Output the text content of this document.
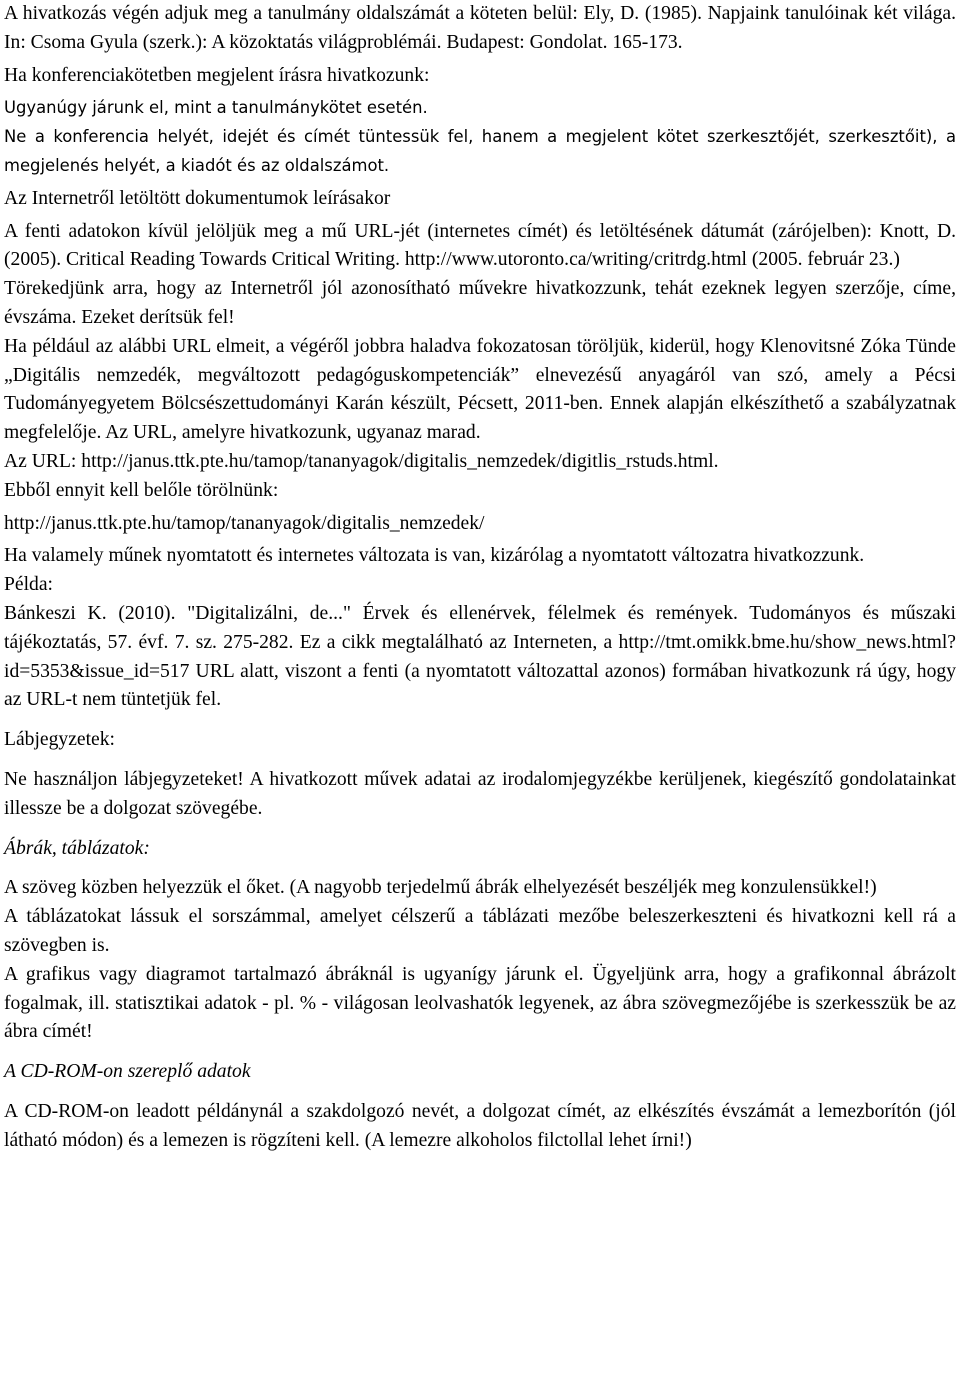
A hivatkozás végén adjuk meg a tanulmány oldalszámát a köteten belül: Ely, D. (1985). Napjaink tanulóinak két világa. In: Csoma Gyula (szerk.): A közoktatás világproblémái. Budapest: Gondolat. 165-173.

Ha konferenciakötetben megjelent írásra hivatkozunk:

Ugyanúgy járunk el, mint a tanulmánykötet esetén.

Ne a konferencia helyét, idejét és címét tüntessük fel, hanem a megjelent kötet szerkesztőjét, szerkesztőit), a megjelenés helyét, a kiadót és az oldalszámot.

Az Internetről letöltött dokumentumok leírásakor

A fenti adatokon kívül jelöljük meg a mű URL-jét (internetes címét) és letöltésének dátumát (zárójelben): Knott, D. (2005). Critical Reading Towards Critical Writing. http://www.utoronto.ca/writing/critrdg.html (2005. február 23.)

Törekedjünk arra, hogy az Internetről jól azonosítható művekre hivatkozzunk, tehát ezeknek legyen szerzője, címe, évszáma. Ezeket derítsük fel!

Ha például az alábbi URL elmeit, a végéről jobbra haladva fokozatosan töröljük, kiderül, hogy Klenovitsné Zóka Tünde „Digitális nemzedék, megváltozott pedagóguskompetenciák” elnevezésű anyagáról van szó, amely a Pécsi Tudományegyetem Bölcsészettudományi Karán készült, Pécsett, 2011-ben. Ennek alapján elkészíthető a szabályzatnak megfelelője. Az URL, amelyre hivatkozunk, ugyanaz marad.

Az URL: http://janus.ttk.pte.hu/tamop/tananyagok/digitalis_nemzedek/digitlis_rstuds.html.

Ebből ennyit kell belőle törölnünk:

http://janus.ttk.pte.hu/tamop/tananyagok/digitalis_nemzedek/

Ha valamely műnek nyomtatott és internetes változata is van, kizárólag a nyomtatott változatra hivatkozzunk.

Példa:

Bánkeszi K. (2010). "Digitalizálni, de..." Érvek és ellenérvek, félelmek és remények. Tudományos és műszaki tájékoztatás, 57. évf. 7. sz. 275-282. Ez a cikk megtalálható az Interneten, a http://tmt.omikk.bme.hu/show_news.html?id=5353&issue_id=517 URL alatt, viszont a fenti (a nyomtatott változattal azonos) formában hivatkozunk rá úgy, hogy az URL-t nem tüntetjük fel.

Lábjegyzetek:

Ne használjon lábjegyzeteket! A hivatkozott művek adatai az irodalomjegyzékbe kerüljenek, kiegészítő gondolatainkat illessze be a dolgozat szövegébe.

Ábrák, táblázatok:

A szöveg közben helyezzük el őket. (A nagyobb terjedelmű ábrák elhelyezését beszéljék meg konzulensükkel!)

A táblázatokat lássuk el sorszámmal, amelyet célszerű a táblázati mezőbe beleszerkeszteni és hivatkozni kell rá a szövegben is.

A grafikus vagy diagramot tartalmazó ábráknál is ugyanígy járunk el. Ügyeljünk arra, hogy a grafikonnal ábrázolt fogalmak, ill. statisztikai adatok - pl. % - világosan leolvashatók legyenek, az ábra szövegmezőjébe is szerkesszük be az ábra címét!

A CD-ROM-on szereplő adatok

A CD-ROM-on leadott példánynál a szakdolgozó nevét, a dolgozat címét, az elkészítés évszámát a lemezborítón (jól látható módon) és a lemezen is rögzíteni kell. (A lemezre alkoholos filctollal lehet írni!)
